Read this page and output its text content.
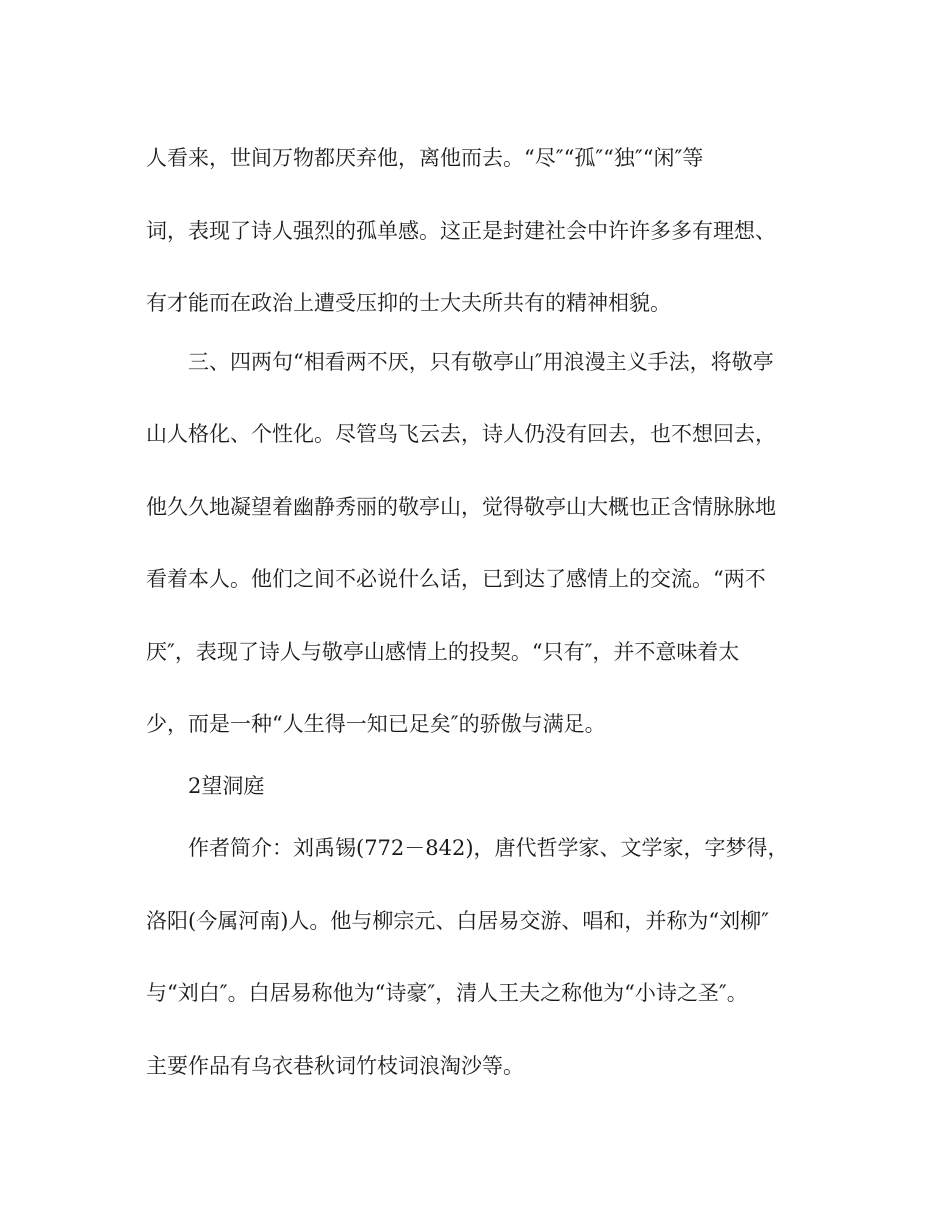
人看来，世间万物都厌弃他，离他而去。“尽″“孤″“独″“闲″等
词，表现了诗人强烈的孤单感。这正是封建社会中许许多多有理想、
有才能而在政治上遭受压抑的士大夫所共有的精神相貌。
三、四两句“相看两不厌，只有敬亭山″用浪漫主义手法，将敬亭
山人格化、个性化。尽管鸟飞云去，诗人仍没有回去，也不想回去，
他久久地凝望着幽静秀丽的敬亭山，觉得敬亭山大概也正含情脉脉地
看着本人。他们之间不必说什么话，已到达了感情上的交流。“两不
厌″，表现了诗人与敬亭山感情上的投契。“只有″，并不意味着太
少，而是一种“人生得一知已足矣″的骄傲与满足。
2望洞庭
作者简介：刘禹锡(772－842)，唐代哲学家、文学家，字梦得，
洛阳(今属河南)人。他与柳宗元、白居易交游、唱和，并称为“刘柳″
与“刘白″。白居易称他为“诗豪″，清人王夫之称他为“小诗之圣″。
主要作品有乌衣巷秋词竹枝词浪淘沙等。
